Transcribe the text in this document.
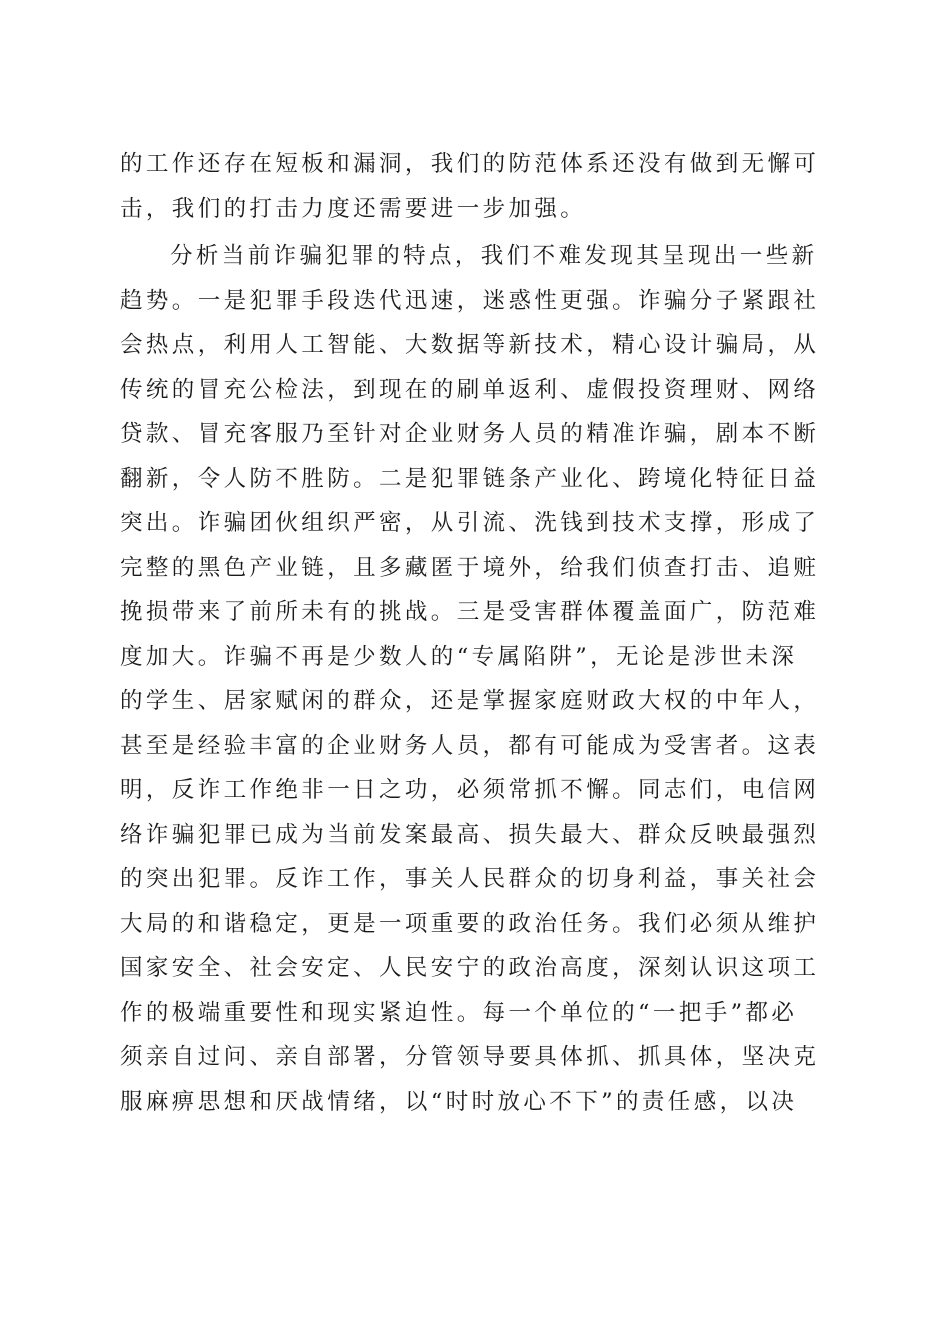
的工作还存在短板和漏洞，我们的防范体系还没有做到无懈可
击，我们的打击力度还需要进一步加强。
分析当前诈骗犯罪的特点，我们不难发现其呈现出一些新
趋势。一是犯罪手段迭代迅速，迷惑性更强。诈骗分子紧跟社
会热点，利用人工智能、大数据等新技术，精心设计骗局，从
传统的冒充公检法，到现在的刷单返利、虚假投资理财、网络
贷款、冒充客服乃至针对企业财务人员的精准诈骗，剧本不断
翻新，令人防不胜防。二是犯罪链条产业化、跨境化特征日益
突出。诈骗团伙组织严密，从引流、洗钱到技术支撑，形成了
完整的黑色产业链，且多藏匿于境外，给我们侦查打击、追赃
挽损带来了前所未有的挑战。三是受害群体覆盖面广，防范难
度加大。诈骗不再是少数人的“专属陷阱”，无论是涉世未深
的学生、居家赋闲的群众，还是掌握家庭财政大权的中年人，
甚至是经验丰富的企业财务人员，都有可能成为受害者。这表
明，反诈工作绝非一日之功，必须常抓不懈。同志们，电信网
络诈骗犯罪已成为当前发案最高、损失最大、群众反映最强烈
的突出犯罪。反诈工作，事关人民群众的切身利益，事关社会
大局的和谐稳定，更是一项重要的政治任务。我们必须从维护
国家安全、社会安定、人民安宁的政治高度，深刻认识这项工
作的极端重要性和现实紧迫性。每一个单位的“一把手”都必
须亲自过问、亲自部署，分管领导要具体抓、抓具体，坚决克
服麻痹思想和厌战情绪，以“时时放心不下”的责任感，以决
